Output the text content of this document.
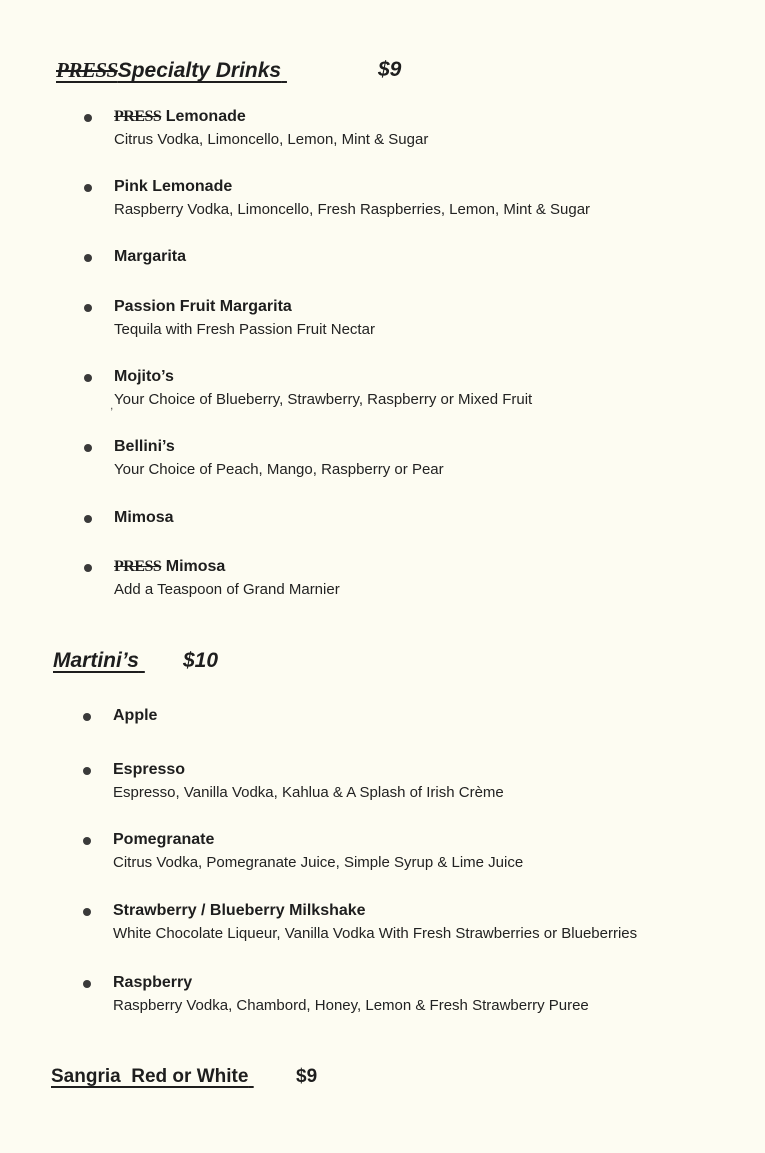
PRESSSpecialty Drinks	$9
PRESS Lemonade
Citrus Vodka, Limoncello, Lemon, Mint & Sugar
Pink Lemonade
Raspberry Vodka, Limoncello, Fresh Raspberries, Lemon, Mint & Sugar
Margarita
Passion Fruit Margarita
Tequila with Fresh Passion Fruit Nectar
Mojito’s
Your Choice of Blueberry, Strawberry, Raspberry or Mixed Fruit
,
Bellini’s
Your Choice of Peach, Mango, Raspberry or Pear
Mimosa
PRESS Mimosa
Add a Teaspoon of Grand Marnier
Martini’s $10
Apple
Espresso
Espresso, Vanilla Vodka, Kahlua & A Splash of Irish Crème
Pomegranate
Citrus Vodka, Pomegranate Juice, Simple Syrup & Lime Juice
Strawberry / Blueberry Milkshake
White Chocolate Liqueur, Vanilla Vodka With Fresh Strawberries or Blueberries
Raspberry
Raspberry Vodka, Chambord, Honey, Lemon & Fresh Strawberry Puree
Sangria  Red or White	$9
